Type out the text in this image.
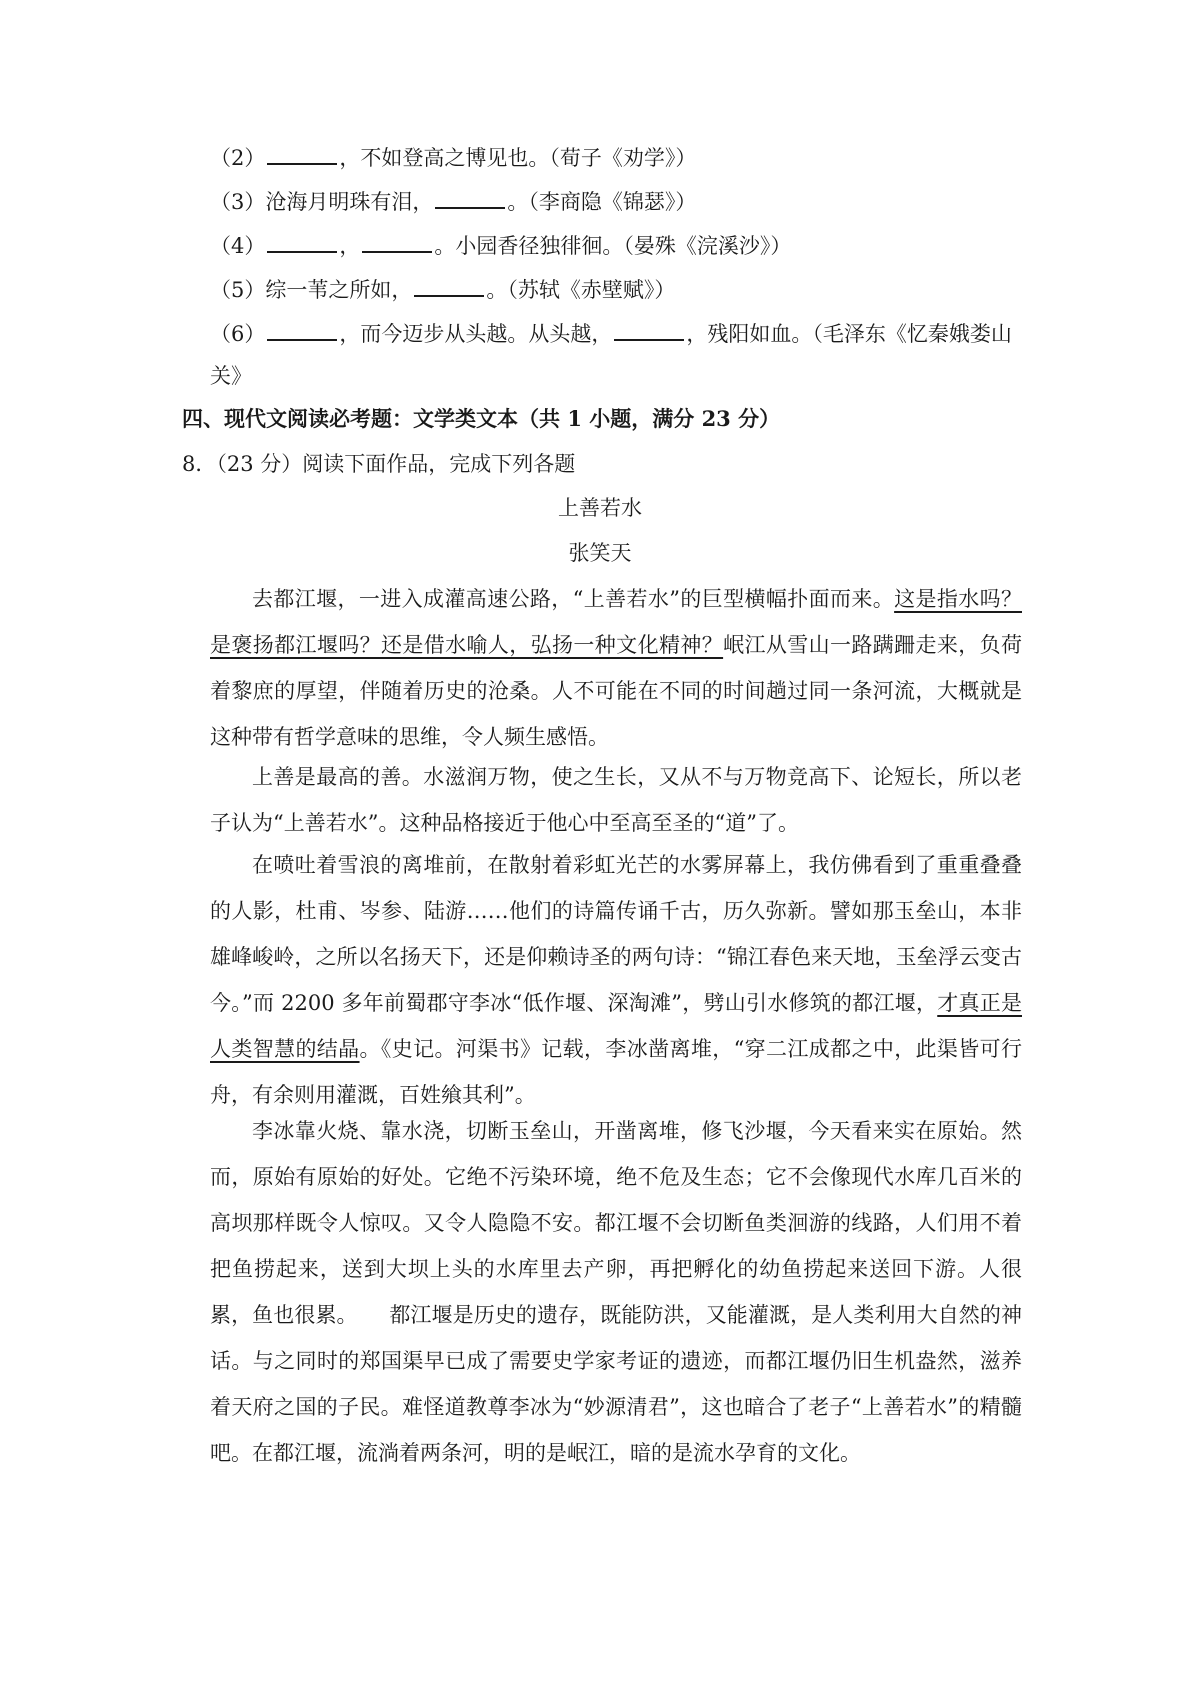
（2）	，不如登高之博见也。（荀子《劝学》）
（3）沧海月明珠有泪，	。（李商隐《锦瑟》）
（4）	，	。小园香径独徘徊。（晏殊《浣溪沙》）
（5）综一苇之所如，	。（苏轼《赤壁赋》）
（6）	，而今迈步从头越。从头越，	，残阳如血。（毛泽东《忆秦娥娄山
关》
四、现代文阅读必考题：文学类文本（共 1 小题，满分 23 分）
8．（23 分）阅读下面作品，完成下列各题
上善若水
张笑天

去都江堰，一进入成灌高速公路，“上善若水”的巨型横幅扑面而来。这是指水吗？是褒扬都江堰吗？还是借水喻人，弘扬一种文化精神？岷江从雪山一路蹒跚走来，负荷着黎庶的厚望，伴随着历史的沧桑。人不可能在不同的时间趟过同一条河流，大概就是这种带有哲学意味的思维，令人频生感悟。

上善是最高的善。水滋润万物，使之生长，又从不与万物竞高下、论短长，所以老子认为“上善若水”。这种品格接近于他心中至高至圣的“道”了。

在喷吐着雪浪的离堆前，在散射着彩虹光芒的水雾屏幕上，我仿佛看到了重重叠叠的人影，杜甫、岑参、陆游……他们的诗篇传诵千古，历久弥新。譬如那玉垒山，本非雄峰峻岭，之所以名扬天下，还是仰赖诗圣的两句诗：“锦江春色来天地，玉垒浮云变古今。”而 2200 多年前蜀郡守李冰“低作堰、深淘滩”，劈山引水修筑的都江堰，才真正是人类智慧的结晶。《史记。河渠书》记载，李冰凿离堆，“穿二江成都之中，此渠皆可行舟，有余则用灌溉，百姓飨其利”。

李冰靠火烧、靠水浇，切断玉垒山，开凿离堆，修飞沙堰，今天看来实在原始。然而，原始有原始的好处。它绝不污染环境，绝不危及生态；它不会像现代水库几百米的高坝那样既令人惊叹。又令人隐隐不安。都江堰不会切断鱼类洄游的线路，人们用不着把鱼捞起来，送到大坝上头的水库里去产卵，再把孵化的幼鱼捞起来送回下游。人很累，鱼也很累。　　都江堰是历史的遗存，既能防洪，又能灌溉，是人类利用大自然的神话。与之同时的郑国渠早已成了需要史学家考证的遗迹，而都江堰仍旧生机盎然，滋养着天府之国的子民。难怪道教尊李冰为“妙源清君”，这也暗合了老子“上善若水”的精髓吧。在都江堰，流淌着两条河，明的是岷江，暗的是流水孕育的文化。
